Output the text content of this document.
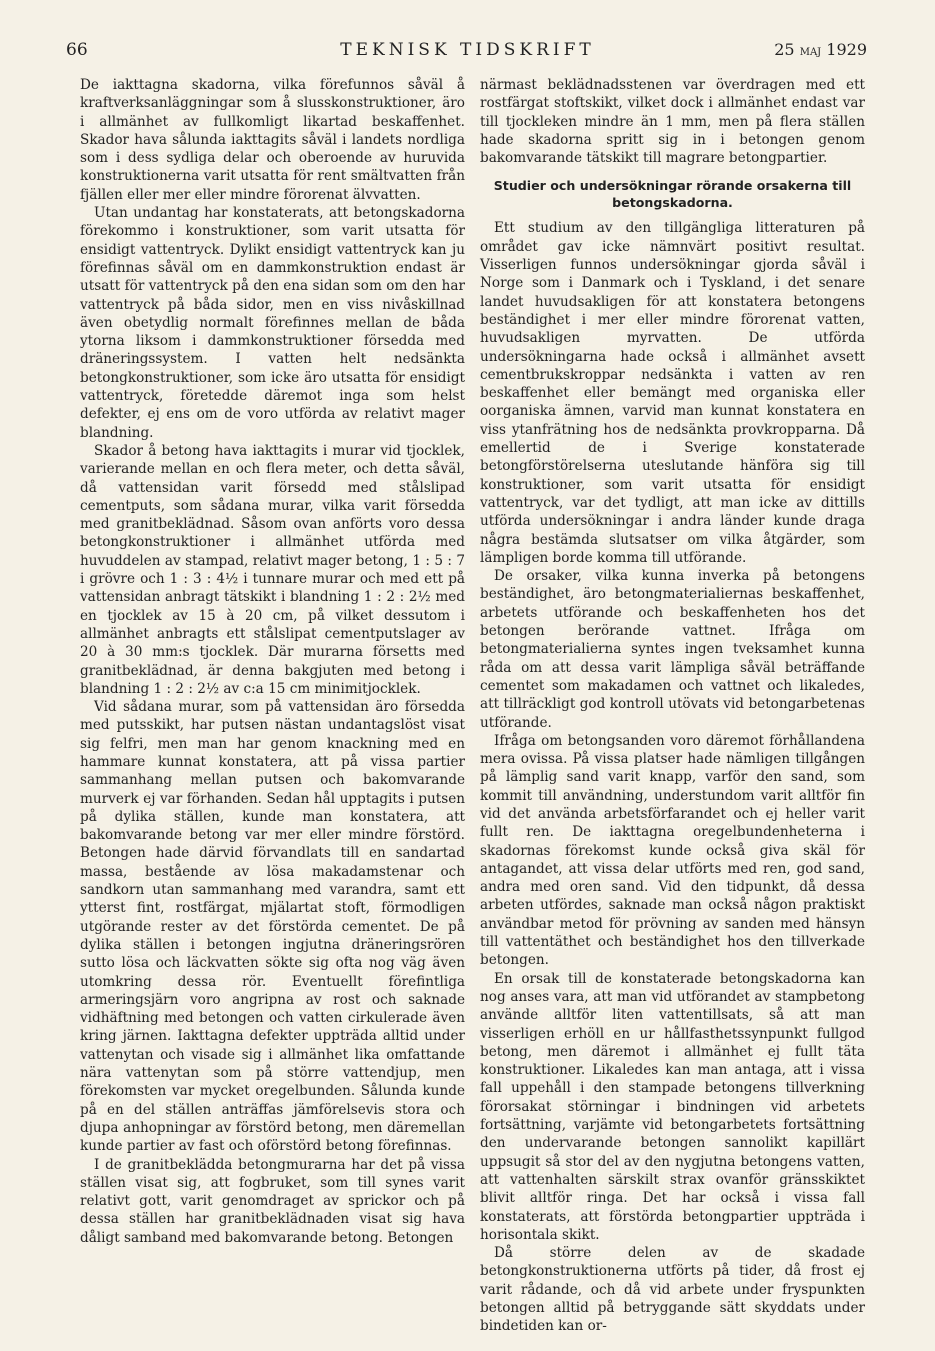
66	TEKNISK TIDSKRIFT	25 maj 1929

De iakttagna skadorna, vilka förefunnos såväl å kraftverksanläggningar som å slusskonstruktioner, äro i allmänhet av fullkomligt likartad beskaffenhet. Skador hava sålunda iakttagits såväl i landets nordliga som i dess sydliga delar och oberoende av huruvida konstruktionerna varit utsatta för rent smältvatten från fjällen eller mer eller mindre förorenat älvvatten.

Utan undantag har konstaterats, att betongskadorna förekommo i konstruktioner, som varit utsatta för ensidigt vattentryck. Dylikt ensidigt vattentryck kan ju förefinnas såväl om en dammkonstruktion endast är utsatt för vattentryck på den ena sidan som om den har vattentryck på båda sidor, men en viss nivåskillnad även obetydlig normalt förefinnes mellan de båda ytorna liksom i dammkonstruktioner försedda med dräneringssystem. I vatten helt nedsänkta betongkonstruktioner, som icke äro utsatta för ensidigt vattentryck, företedde däremot inga som helst defekter, ej ens om de voro utförda av relativt mager blandning.

Skador å betong hava iakttagits i murar vid tjocklek, varierande mellan en och flera meter, och detta såväl, då vattensidan varit försedd med stålslipad cementputs, som sådana murar, vilka varit försedda med granitbeklädnad. Såsom ovan anförts voro dessa betongkonstruktioner i allmänhet utförda med huvuddelen av stampad, relativt mager betong, 1 : 5 : 7 i grövre och 1 : 3 : 4½ i tunnare murar och med ett på vattensidan anbragt tätskikt i blandning 1 : 2 : 2½ med en tjocklek av 15 à 20 cm, på vilket dessutom i allmänhet anbragts ett stålslipat cementputslager av 20 à 30 mm:s tjocklek. Där murarna försetts med granitbeklädnad, är denna bakgjuten med betong i blandning 1 : 2 : 2½ av c:a 15 cm minimitjocklek.

Vid sådana murar, som på vattensidan äro försedda med putsskikt, har putsen nästan undantagslöst visat sig felfri, men man har genom knackning med en hammare kunnat konstatera, att på vissa partier sammanhang mellan putsen och bakomvarande murverk ej var förhanden. Sedan hål upptagits i putsen på dylika ställen, kunde man konstatera, att bakomvarande betong var mer eller mindre förstörd. Betongen hade därvid förvandlats till en sandartad massa, bestående av lösa makadamstenar och sandkorn utan sammanhang med varandra, samt ett ytterst fint, rostfärgat, mjälartat stoft, förmodligen utgörande rester av det förstörda cementet. De på dylika ställen i betongen ingjutna dräneringsrören sutto lösa och läckvatten sökte sig ofta nog väg även utomkring dessa rör. Eventuellt förefintliga armeringsjärn voro angripna av rost och saknade vidhäftning med betongen och vatten cirkulerade även kring järnen. Iakttagna defekter uppträda alltid under vattenytan och visade sig i allmänhet lika omfattande nära vattenytan som på större vattendjup, men förekomsten var mycket oregelbunden. Sålunda kunde på en del ställen anträffas jämförelsevis stora och djupa anhopningar av förstörd betong, men däremellan kunde partier av fast och oförstörd betong förefinnas.

I de granitbeklädda betongmurarna har det på vissa ställen visat sig, att fogbruket, som till synes varit relativt gott, varit genomdraget av sprickor och på dessa ställen har granitbeklädnaden visat sig hava dåligt samband med bakomvarande betong. Betongen

närmast beklädnadsstenen var överdragen med ett rostfärgat stoftskikt, vilket dock i allmänhet endast var till tjockleken mindre än 1 mm, men på flera ställen hade skadorna spritt sig in i betongen genom bakomvarande tätskikt till magrare betongpartier.

Studier och undersökningar rörande orsakerna till betongskadorna.

Ett studium av den tillgängliga litteraturen på området gav icke nämnvärt positivt resultat. Visserligen funnos undersökningar gjorda såväl i Norge som i Danmark och i Tyskland, i det senare landet huvudsakligen för att konstatera betongens beständighet i mer eller mindre förorenat vatten, huvudsakligen myrvatten. De utförda undersökningarna hade också i allmänhet avsett cementbrukskroppar nedsänkta i vatten av ren beskaffenhet eller bemängt med organiska eller oorganiska ämnen, varvid man kunnat konstatera en viss ytanfrätning hos de nedsänkta provkropparna. Då emellertid de i Sverige konstaterade betongförstörelserna uteslutande hänföra sig till konstruktioner, som varit utsatta för ensidigt vattentryck, var det tydligt, att man icke av dittills utförda undersökningar i andra länder kunde draga några bestämda slutsatser om vilka åtgärder, som lämpligen borde komma till utförande.

De orsaker, vilka kunna inverka på betongens beständighet, äro betongmaterialiernas beskaffenhet, arbetets utförande och beskaffenheten hos det betongen berörande vattnet. Ifråga om betongmaterialierna syntes ingen tveksamhet kunna råda om att dessa varit lämpliga såväl beträffande cementet som makadamen och vattnet och likaledes, att tillräckligt god kontroll utövats vid betongarbetenas utförande.

Ifråga om betongsanden voro däremot förhållandena mera ovissa. På vissa platser hade nämligen tillgången på lämplig sand varit knapp, varför den sand, som kommit till användning, understundom varit alltför fin vid det använda arbetsförfarandet och ej heller varit fullt ren. De iakttagna oregelbundenheterna i skadornas förekomst kunde också giva skäl för antagandet, att vissa delar utförts med ren, god sand, andra med oren sand. Vid den tidpunkt, då dessa arbeten utfördes, saknade man också någon praktiskt användbar metod för prövning av sanden med hänsyn till vattentäthet och beständighet hos den tillverkade betongen.

En orsak till de konstaterade betongskadorna kan nog anses vara, att man vid utförandet av stampbetong använde alltför liten vattentillsats, så att man visserligen erhöll en ur hållfasthetssynpunkt fullgod betong, men däremot i allmänhet ej fullt täta konstruktioner. Likaledes kan man antaga, att i vissa fall uppehåll i den stampade betongens tillverkning förorsakat störningar i bindningen vid arbetets fortsättning, varjämte vid betongarbetets fortsättning den undervarande betongen sannolikt kapillärt uppsugit så stor del av den nygjutna betongens vatten, att vattenhalten särskilt strax ovanför gränsskiktet blivit alltför ringa. Det har också i vissa fall konstaterats, att förstörda betongpartier uppträda i horisontala skikt.

Då större delen av de skadade betongkonstruktionerna utförts på tider, då frost ej varit rådande, och då vid arbete under fryspunkten betongen alltid på betryggande sätt skyddats under bindetiden kan or-
